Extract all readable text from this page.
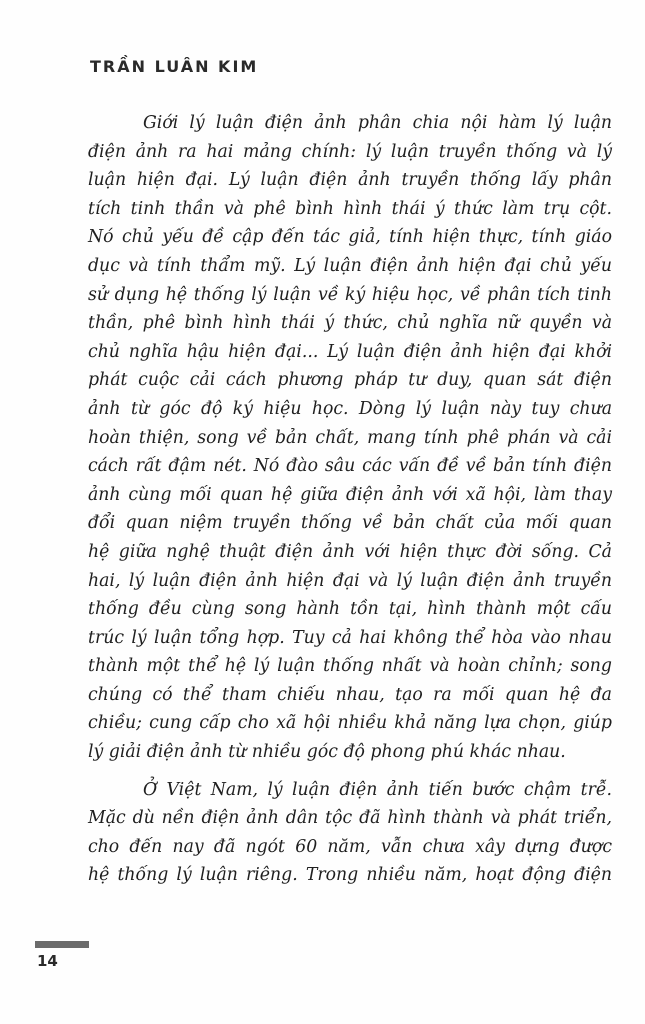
TRẦN LUÂN KIM
Giới lý luận điện ảnh phân chia nội hàm lý luận
điện ảnh ra hai mảng chính: lý luận truyền thống và lý
luận hiện đại. Lý luận điện ảnh truyền thống lấy phân
tích tinh thần và phê bình hình thái ý thức làm trụ cột.
Nó chủ yếu đề cập đến tác giả, tính hiện thực, tính giáo
dục và tính thẩm mỹ. Lý luận điện ảnh hiện đại chủ yếu
sử dụng hệ thống lý luận về ký hiệu học, về phân tích tinh
thần, phê bình hình thái ý thức, chủ nghĩa nữ quyền và
chủ nghĩa hậu hiện đại... Lý luận điện ảnh hiện đại khởi
phát cuộc cải cách phương pháp tư duy, quan sát điện
ảnh từ góc độ ký hiệu học. Dòng lý luận này tuy chưa
hoàn thiện, song về bản chất, mang tính phê phán và cải
cách rất đậm nét. Nó đào sâu các vấn đề về bản tính điện
ảnh cùng mối quan hệ giữa điện ảnh với xã hội, làm thay
đổi quan niệm truyền thống về bản chất của mối quan
hệ giữa nghệ thuật điện ảnh với hiện thực đời sống. Cả
hai, lý luận điện ảnh hiện đại và lý luận điện ảnh truyền
thống đều cùng song hành tồn tại, hình thành một cấu
trúc lý luận tổng hợp. Tuy cả hai không thể hòa vào nhau
thành một thể hệ lý luận thống nhất và hoàn chỉnh; song
chúng có thể tham chiếu nhau, tạo ra mối quan hệ đa
chiều; cung cấp cho xã hội nhiều khả năng lựa chọn, giúp
lý giải điện ảnh từ nhiều góc độ phong phú khác nhau.
Ở Việt Nam, lý luận điện ảnh tiến bước chậm trễ.
Mặc dù nền điện ảnh dân tộc đã hình thành và phát triển,
cho đến nay đã ngót 60 năm, vẫn chưa xây dựng được
hệ thống lý luận riêng. Trong nhiều năm, hoạt động điện
14
